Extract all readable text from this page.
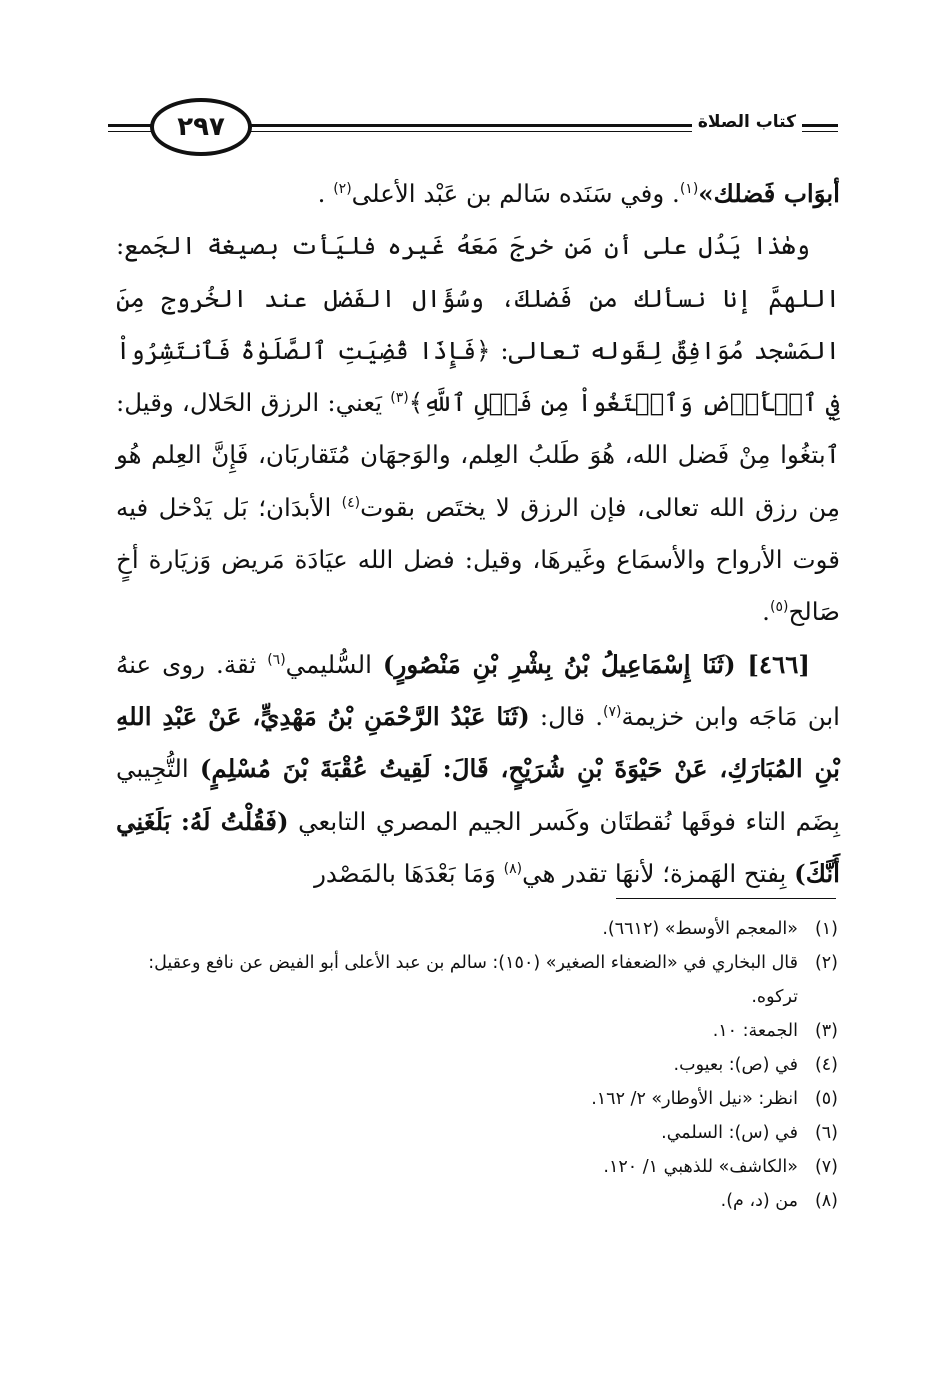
٢٩٧	كتاب الصلاة

أبوَاب فَضلك»$^{(١)}$. وفي سَنَده سَالم بن عَبْد الأعلى$^{(٢)}$ .

وهٰذا يَدُل على أن مَن خرجَ مَعَهُ غَيره فليَأت بصيغة الجَمع: اللهمَّ إنا نسألك من فَضلكَ، وسُؤَال الفَضل عند الخُروج مِنَ المَسْجد مُوَافِقٌ لِقَوله تعالى: ﴿فَإِذَا قُضِيَتِ ٱلصَّلَوٰةُ فَٱنتَشِرُواْ فِي ٱلۡأَرۡضِ وَٱبۡتَغُواْ مِن فَضۡلِ ٱللَّهِ﴾$^{(٣)}$ يَعني: الرزق الحَلال، وقيل: ٱبتغُوا مِنْ فَضل الله، هُوَ طَلبُ العِلم، والوَجهَان مُتَقاربَان، فَإِنَّ العِلم هُو مِن رزق الله تعالى، فإن الرزق لا يختَص بقوت$^{(٤)}$ الأبدَان؛ بَل يَدْخل فيه قوت الأرواح والأسمَاع وغَيرهَا، وقيل: فضل الله عيَادَة مَريض وَزيَارة أخٍ صَالح$^{(٥)}$.

[٤٦٦] (ثَنَا إِسْمَاعِيلُ بْنُ بِشْرِ بْنِ مَنْصُورٍ) السُّليمي$^{(٦)}$ ثقة. روى عنهُ ابن مَاجَه وابن خزيمة$^{(٧)}$. قال: (ثَنَا عَبْدُ الرَّحْمَنِ بْنُ مَهْدِيٍّ، عَنْ عَبْدِ اللهِ بْنِ المُبَارَكِ، عَنْ حَيْوَةَ بْنِ شُرَيْحٍ، قَالَ: لَقِيتُ عُقْبَةَ بْنَ مُسْلِمٍ) التُّجِيبي بِضَم التاء فوقَها نُقطتَان وكَسر الجيم المصري التابعي (فَقُلْتُ لَهُ: بَلَغَنِي أَنَّكَ) بِفتح الهَمزة؛ لأنهَا تقدر هي$^{(٨)}$ وَمَا بَعْدَهَا بالمَصْدر

(١)
«المعجم الأوسط» (٦٦١٢).
(٢)
قال البخاري في «الضعفاء الصغير» (١٥٠): سالم بن عبد الأعلى أبو الفيض عن نافع وعقيل: تركوه.
(٣)
الجمعة: ١٠.
(٤)
في (ص): بعيوب.
(٥)
انظر: «نيل الأوطار» ٢/ ١٦٢.
(٦)
في (س): السلمي.
(٧)
«الكاشف» للذهبي ١/ ١٢٠.
(٨)
من (د، م).
